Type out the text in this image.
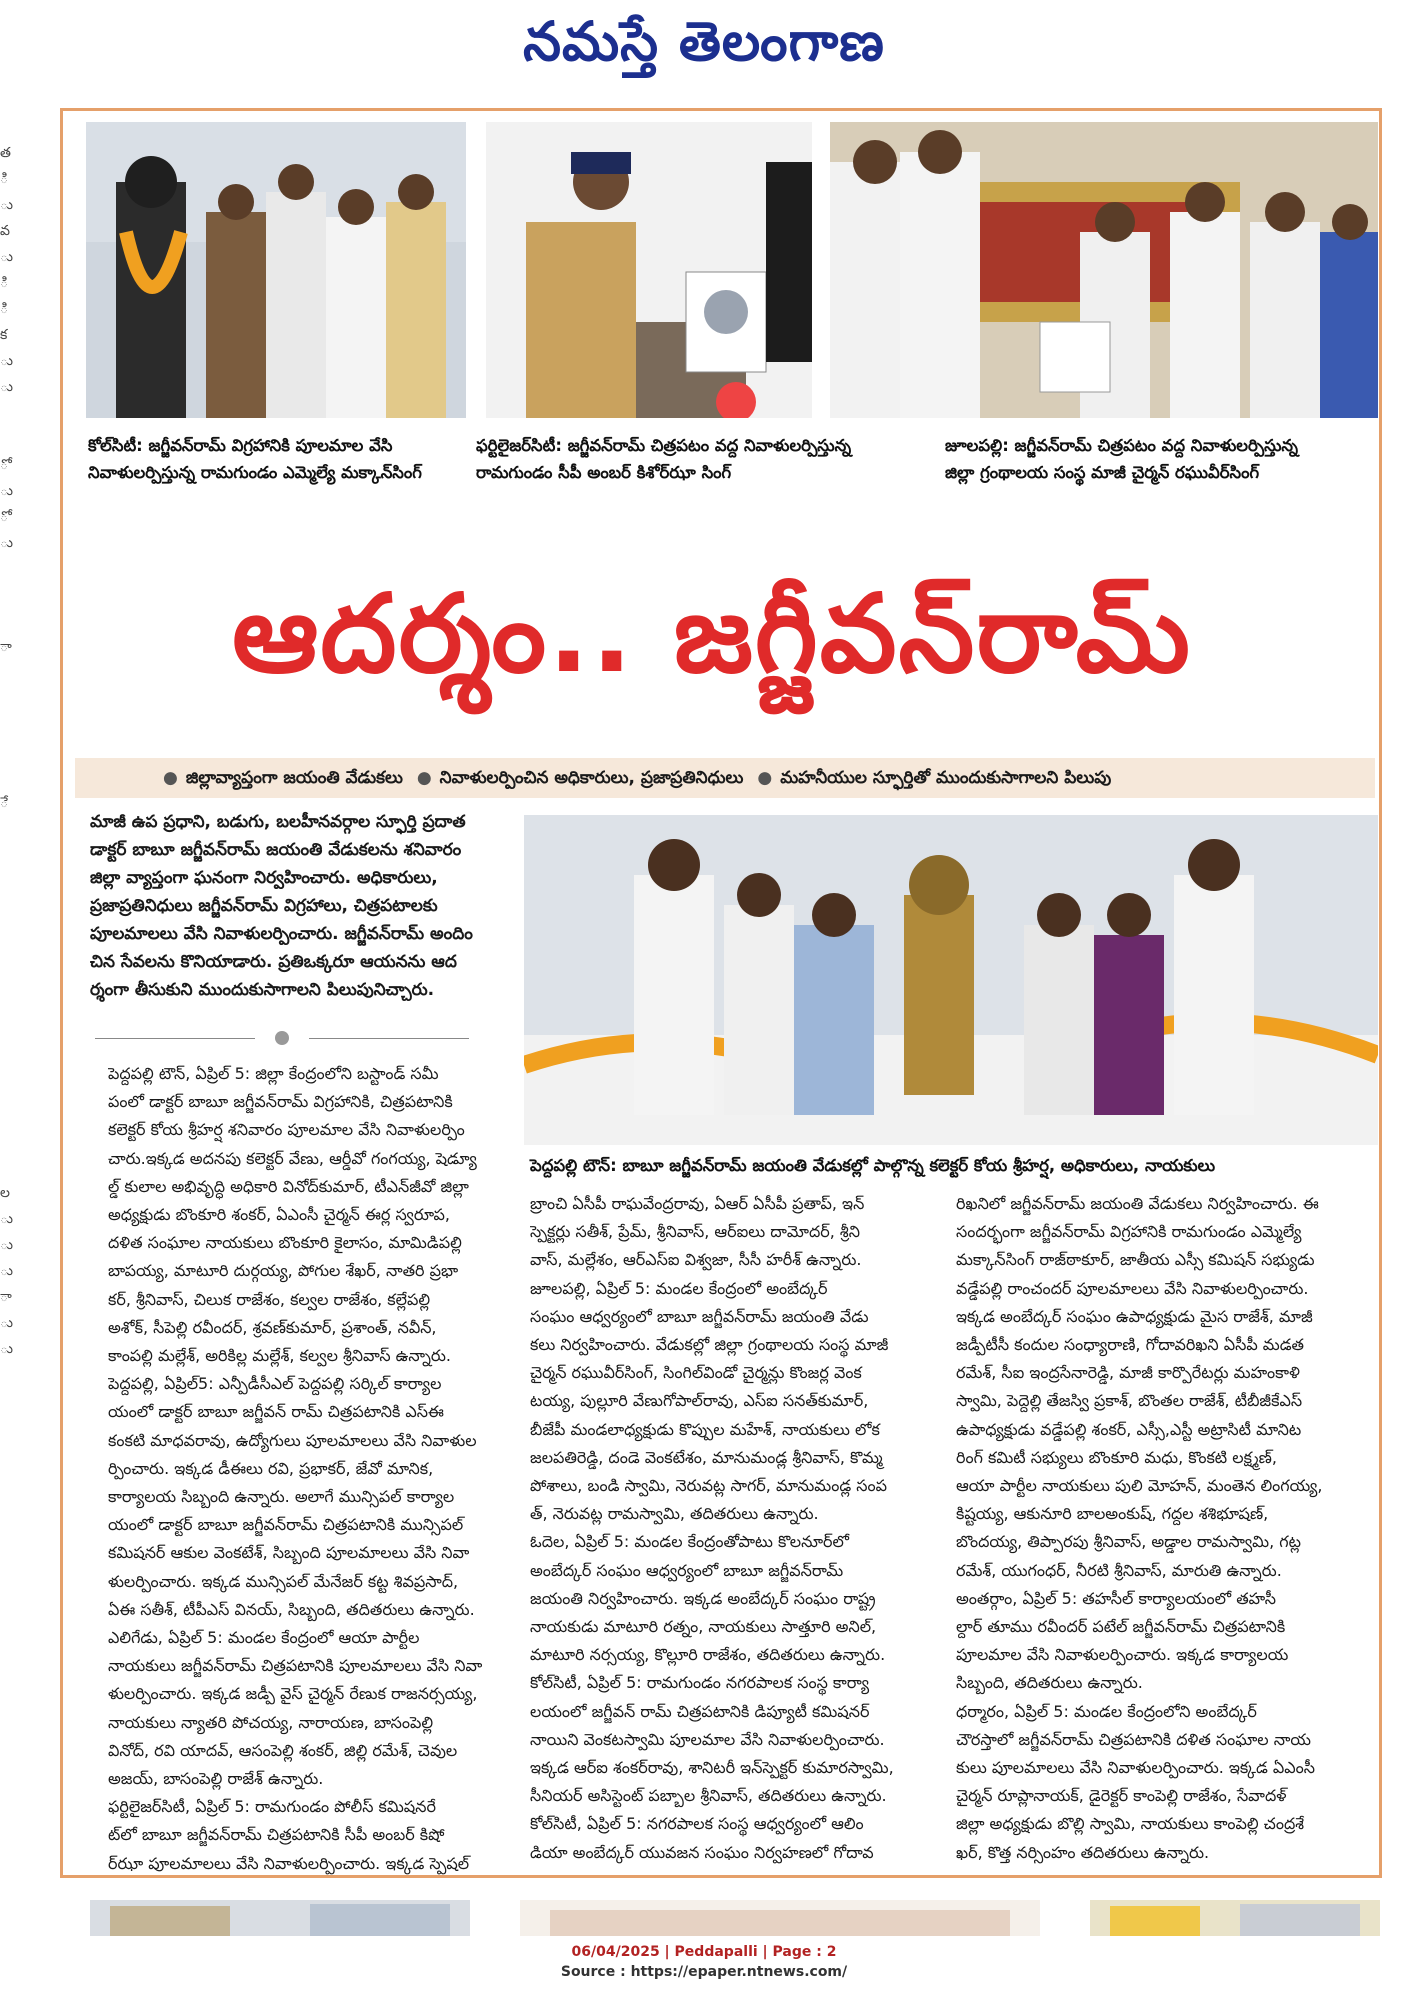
నమస్తే తెలంగాణ
త
ి
ు
వ
ు
ి
ి
క
ు
ు

ో
ు
ో
ు

ా

ే

ల
ు
ు
ు
ా
ు
ు
కోల్‌సిటీ: జగ్జీవన్‌రామ్ విగ్రహానికి పూలమాల వేసి
నివాళులర్పిస్తున్న రామగుండం ఎమ్మెల్యే మక్కాన్‌సింగ్
ఫర్టిలైజర్‌సిటీ: జగ్జీవన్‌రామ్ చిత్రపటం వద్ద నివాళులర్పిస్తున్న
రామగుండం సీపీ అంబర్ కిశోర్‌ఝా సింగ్
జూలపల్లి: జగ్జీవన్‌రామ్ చిత్రపటం వద్ద నివాళులర్పిస్తున్న
జిల్లా గ్రంథాలయ సంస్థ మాజీ చైర్మన్ రఘువీర్‌సింగ్
ఆదర్శం.. జగ్జీవన్‌రామ్
● జిల్లావ్యాప్తంగా జయంతి వేడుకలు ● నివాళులర్పించిన అధికారులు, ప్రజాప్రతినిధులు ● మహనీయుల స్ఫూర్తితో ముందుకుసాగాలని పిలుపు
మాజీ ఉప ప్రధాని, బడుగు, బలహీనవర్గాల స్ఫూర్తి ప్రదాత
డాక్టర్ బాబూ జగ్జీవన్‌రామ్ జయంతి వేడుకలను శనివారం
జిల్లా వ్యాప్తంగా ఘనంగా నిర్వహించారు. అధికారులు,
ప్రజాప్రతినిధులు జగ్జీవన్‌రామ్ విగ్రహాలు, చిత్రపటాలకు
పూలమాలలు వేసి నివాళులర్పించారు. జగ్జీవన్‌రామ్ అందిం
చిన సేవలను కొనియాడారు. ప్రతిఒక్కరూ ఆయనను ఆద
ర్శంగా తీసుకుని ముందుకుసాగాలని పిలుపునిచ్చారు.
పెద్దపల్లి టౌన్: బాబూ జగ్జీవన్‌రామ్ జయంతి వేడుకల్లో పాల్గొన్న కలెక్టర్ కోయ శ్రీహర్ష, అధికారులు, నాయకులు
పెద్దపల్లి టౌన్, ఏప్రిల్ 5: జిల్లా కేంద్రంలోని బస్టాండ్ సమీ
పంలో డాక్టర్ బాబూ జగ్జీవన్‌రామ్ విగ్రహానికి, చిత్రపటానికి
కలెక్టర్ కోయ శ్రీహర్ష శనివారం పూలమాల వేసి నివాళులర్పిం
చారు.ఇక్కడ అదనపు కలెక్టర్ వేణు, ఆర్డీవో గంగయ్య, షెడ్యూ
ల్డ్ కులాల అభివృద్ధి అధికారి వినోద్‌కుమార్, టీఎన్‌జీవో జిల్లా
అధ్యక్షుడు బొంకూరి శంకర్, ఏఎంసీ చైర్మన్ ఈర్ల స్వరూప,
దళిత సంఘాల నాయకులు బొంకూరి కైలాసం, మామిడిపల్లి
బాపయ్య, మాటూరి దుర్గయ్య, పోగుల శేఖర్, నాతరి ప్రభా
కర్, శ్రీనివాస్, చిలుక రాజేశం, కల్వల రాజేశం, కల్లేపల్లి
అశోక్, సీపెల్లి రవీందర్, శ్రవణ్‌కుమార్, ప్రశాంత్, నవీన్,
కాంపల్లి మల్లేశ్, అరికిల్ల మల్లేశ్, కల్వల శ్రీనివాస్ ఉన్నారు.
పెద్దపల్లి, ఏప్రిల్5: ఎన్పీడీసీఎల్ పెద్దపల్లి సర్కిల్ కార్యాల
యంలో డాక్టర్ బాబూ జగ్జీవన్ రామ్ చిత్రపటానికి ఎస్‌ఈ
కంకటి మాధవరావు, ఉద్యోగులు పూలమాలలు వేసి నివాళుల
ర్పించారు. ఇక్కడ డీఈలు రవి, ప్రభాకర్, జేవో మానిక,
కార్యాలయ సిబ్బంది ఉన్నారు. అలాగే మున్సిపల్ కార్యాల
యంలో డాక్టర్ బాబూ జగ్జీవన్‌రామ్ చిత్రపటానికి మున్సిపల్
కమిషనర్ ఆకుల వెంకటేశ్, సిబ్బంది పూలమాలలు వేసి నివా
ళులర్పించారు. ఇక్కడ మున్సిపల్ మేనేజర్ కట్ట శివప్రసాద్,
ఏఈ సతీశ్, టీపీఎస్ వినయ్, సిబ్బంది, తదితరులు ఉన్నారు.
ఎలిగేడు, ఏప్రిల్ 5: మండల కేంద్రంలో ఆయా పార్టీల
నాయకులు జగ్జీవన్‌రామ్ చిత్రపటానికి పూలమాలలు వేసి నివా
ళులర్పించారు. ఇక్కడ జడ్పీ వైస్ చైర్మన్ రేణుక రాజనర్సయ్య,
నాయకులు న్యాతరి పోచయ్య, నారాయణ, బాసంపెల్లి
వినోద్, రవి యాదవ్, ఆసంపెల్లి శంకర్, జిల్లి రమేశ్, చెవుల
అజయ్, బాసంపెల్లి రాజేశ్ ఉన్నారు.
ఫర్టిలైజర్‌సిటీ, ఏప్రిల్ 5: రామగుండం పోలీస్ కమిషనరే
ట్‌లో బాబూ జగ్జీవన్‌రామ్ చిత్రపటానికి సీపీ అంబర్ కిషో
ర్‌ఝా పూలమాలలు వేసి నివాళులర్పించారు. ఇక్కడ స్పెషల్
బ్రాంచి ఏసీపీ రాఘవేంద్రరావు, ఏఆర్ ఏసీపీ ప్రతాప్, ఇన్
స్పెక్టర్లు సతీశ్, ప్రేమ్, శ్రీనివాస్, ఆర్‌ఐలు దామోదర్, శ్రీని
వాస్, మల్లేశం, ఆర్‌ఎస్‌ఐ విశ్వజా, సీసీ హరీశ్ ఉన్నారు.
జూలపల్లి, ఏప్రిల్ 5: మండల కేంద్రంలో అంబేద్కర్
సంఘం ఆధ్వర్యంలో బాబూ జగ్జీవన్‌రామ్ జయంతి వేడు
కలు నిర్వహించారు. వేడుకల్లో జిల్లా గ్రంథాలయ సంస్థ మాజీ
చైర్మన్ రఘువీర్‌సింగ్, సింగిల్‌విండో చైర్మన్లు కొంజర్ల వెంక
టయ్య, పుల్లూరి వేణుగోపాల్‌రావు, ఎస్‌ఐ సనత్‌కుమార్,
బీజేపీ మండలాధ్యక్షుడు కొప్పుల మహేశ్, నాయకులు లోక
జలపతిరెడ్డి, దండె వెంకటేశం, మానుమండ్ల శ్రీనివాస్, కొమ్మ
పోశాలు, బండి స్వామి, నెరువట్ల సాగర్, మానుమండ్ల సంప
త్, నెరువట్ల రామస్వామి, తదితరులు ఉన్నారు.
ఓదెల, ఏప్రిల్ 5: మండల కేంద్రంతోపాటు కొలనూర్‌లో
అంబేద్కర్ సంఘం ఆధ్వర్యంలో బాబూ జగ్జీవన్‌రామ్
జయంతి నిర్వహించారు. ఇక్కడ అంబేద్కర్ సంఘం రాష్ట్ర
నాయకుడు మాటూరి రత్నం, నాయకులు సాత్తూరి అనిల్,
మాటూరి నర్సయ్య, కొల్లూరి రాజేశం, తదితరులు ఉన్నారు.
కోల్‌సిటీ, ఏప్రిల్ 5: రామగుండం నగరపాలక సంస్థ కార్యా
లయంలో జగ్జీవన్ రామ్ చిత్రపటానికి డిప్యూటీ కమిషనర్
నాయిని వెంకటస్వామి పూలమాల వేసి నివాళులర్పించారు.
ఇక్కడ ఆర్‌ఐ శంకర్‌రావు, శానిటరీ ఇన్‌స్పెక్టర్ కుమారస్వామి,
సీనియర్ అసిస్టెంట్ పబ్బాల శ్రీనివాస్, తదితరులు ఉన్నారు.
కోల్‌సిటీ, ఏప్రిల్ 5: నగరపాలక సంస్థ ఆధ్వర్యంలో ఆలిం
డియా అంబేద్కర్ యువజన సంఘం నిర్వహణలో గోదావ
రిఖనిలో జగ్జీవన్‌రామ్ జయంతి వేడుకలు నిర్వహించారు. ఈ
సందర్భంగా జగ్జీవన్‌రామ్ విగ్రహానికి రామగుండం ఎమ్మెల్యే
మక్కాన్‌సింగ్ రాజ్‌ఠాకూర్, జాతీయ ఎస్సీ కమిషన్ సభ్యుడు
వడ్డేపల్లి రాంచందర్ పూలమాలలు వేసి నివాళులర్పించారు.
ఇక్కడ అంబేద్కర్ సంఘం ఉపాధ్యక్షుడు మైస రాజేశ్, మాజీ
జడ్పీటీసీ కందుల సంధ్యారాణి, గోదావరిఖని ఏసీపీ మడత
రమేశ్, సీఐ ఇంద్రసేనారెడ్డి, మాజీ కార్పొరేటర్లు మహంకాళి
స్వామి, పెద్దెల్లి తేజస్వి ప్రకాశ్, బొంతల రాజేశ్, టీబీజీకేఎస్
ఉపాధ్యక్షుడు వడ్డేపల్లి శంకర్, ఎస్సీ,ఎస్టీ అట్రాసిటీ మానిట
రింగ్ కమిటీ సభ్యులు బొంకూరి మధు, కొంకటి లక్ష్మణ్,
ఆయా పార్టీల నాయకులు పులి మోహన్, మంతెన లింగయ్య,
కిష్టయ్య, ఆకునూరి బాలఅంకుష్, గద్దల శశిభూషణ్,
బొందయ్య, తిప్పారపు శ్రీనివాస్, అడ్డాల రామస్వామి, గట్ల
రమేశ్, యుగంధర్, నీరటి శ్రీనివాస్, మారుతి ఉన్నారు.
అంతర్గాం, ఏప్రిల్ 5: తహసీల్ కార్యాలయంలో తహసీ
ల్దార్ తూము రవీందర్ పటేల్ జగ్జీవన్‌రామ్ చిత్రపటానికి
పూలమాల వేసి నివాళులర్పించారు. ఇక్కడ కార్యాలయ
సిబ్బంది, తదితరులు ఉన్నారు.
ధర్మారం, ఏప్రిల్ 5: మండల కేంద్రంలోని అంబేద్కర్
చౌరస్తాలో జగ్జీవన్‌రామ్ చిత్రపటానికి దళిత సంఘాల నాయ
కులు పూలమాలలు వేసి నివాళులర్పించారు. ఇక్కడ ఏఎంసీ
చైర్మన్ రూప్లానాయక్, డైరెక్టర్ కాంపెల్లి రాజేశం, సేవాదళ్
జిల్లా అధ్యక్షుడు బొల్లి స్వామి, నాయకులు కాంపెల్లి చంద్రశే
ఖర్, కొత్త నర్సింహం తదితరులు ఉన్నారు.
06/04/2025 | Peddapalli | Page : 2
Source : https://epaper.ntnews.com/
